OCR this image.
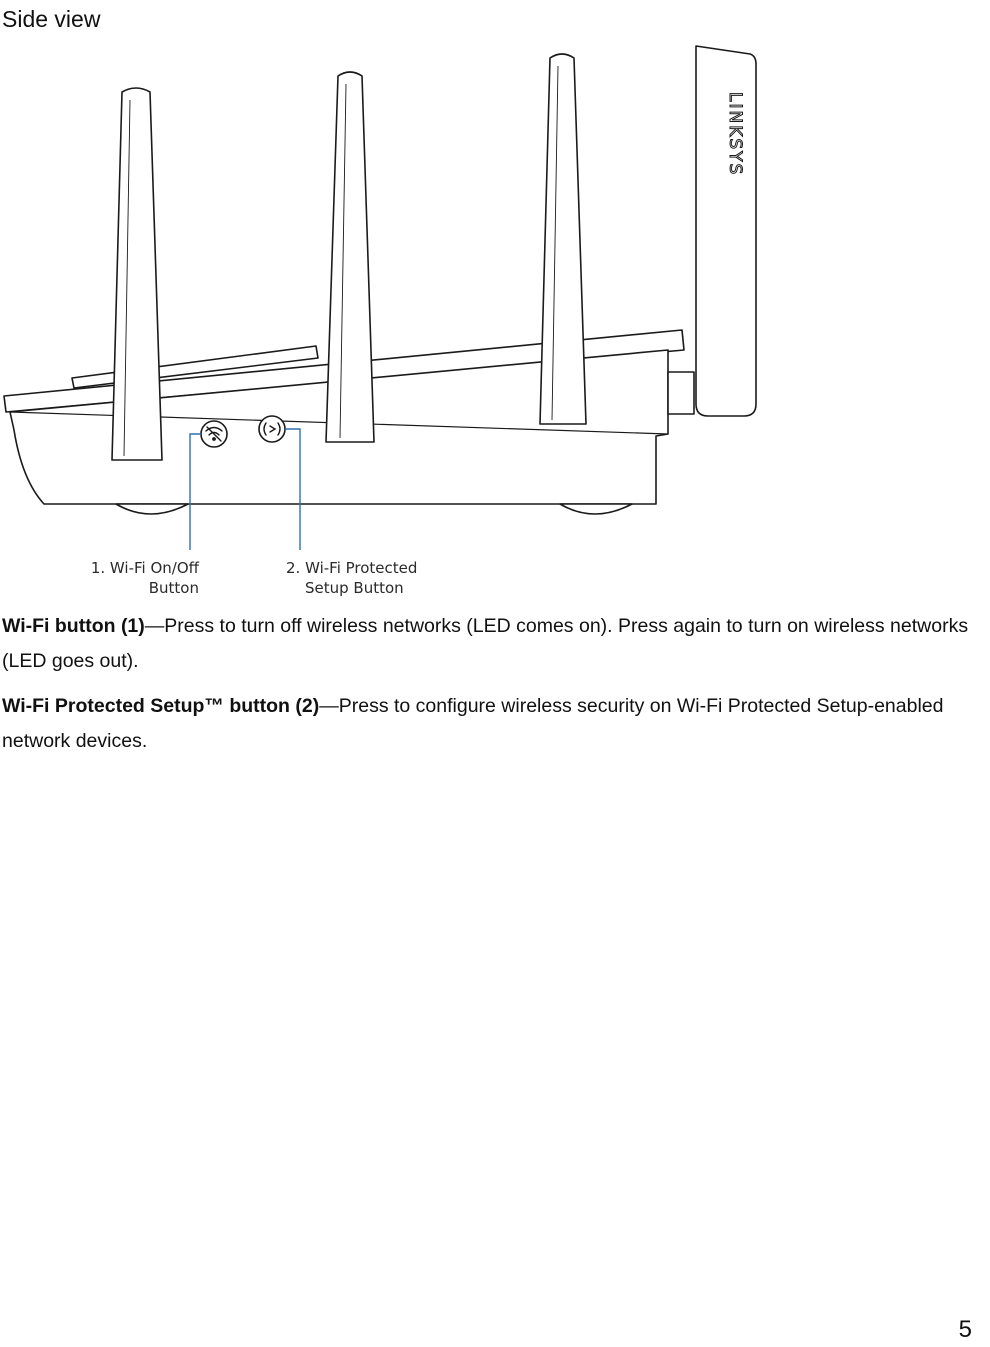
Side view
LINKSYS
1. Wi-Fi On/Off
Button
2. Wi-Fi Protected
Setup Button

Wi-Fi button (1)—Press to turn off wireless networks (LED comes on). Press again to turn on wireless networks (LED goes out).

Wi-Fi Protected Setup™ button (2)—Press to configure wireless security on Wi-Fi Protected Setup-enabled network devices.

5
